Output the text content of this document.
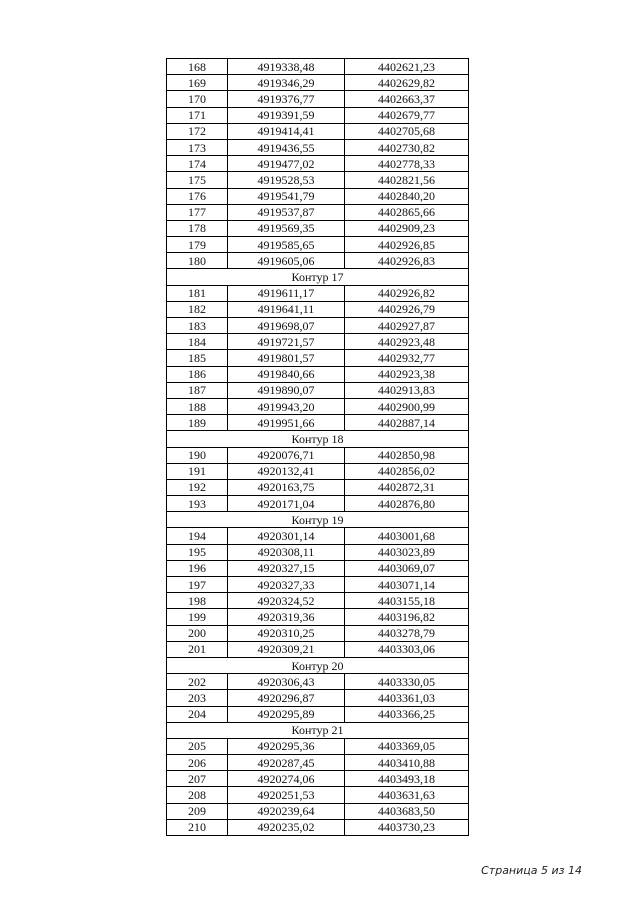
168	4919338,48	4402621,23
169	4919346,29	4402629,82
170	4919376,77	4402663,37
171	4919391,59	4402679,77
172	4919414,41	4402705,68
173	4919436,55	4402730,82
174	4919477,02	4402778,33
175	4919528,53	4402821,56
176	4919541,79	4402840,20
177	4919537,87	4402865,66
178	4919569,35	4402909,23
179	4919585,65	4402926,85
180	4919605,06	4402926,83
Контур 17		
181	4919611,17	4402926,82
182	4919641,11	4402926,79
183	4919698,07	4402927,87
184	4919721,57	4402923,48
185	4919801,57	4402932,77
186	4919840,66	4402923,38
187	4919890,07	4402913,83
188	4919943,20	4402900,99
189	4919951,66	4402887,14
Контур 18		
190	4920076,71	4402850,98
191	4920132,41	4402856,02
192	4920163,75	4402872,31
193	4920171,04	4402876,80
Контур 19		
194	4920301,14	4403001,68
195	4920308,11	4403023,89
196	4920327,15	4403069,07
197	4920327,33	4403071,14
198	4920324,52	4403155,18
199	4920319,36	4403196,82
200	4920310,25	4403278,79
201	4920309,21	4403303,06
Контур 20		
202	4920306,43	4403330,05
203	4920296,87	4403361,03
204	4920295,89	4403366,25
Контур 21		
205	4920295,36	4403369,05
206	4920287,45	4403410,88
207	4920274,06	4403493,18
208	4920251,53	4403631,63
209	4920239,64	4403683,50
210	4920235,02	4403730,23
Страница 5 из 14
